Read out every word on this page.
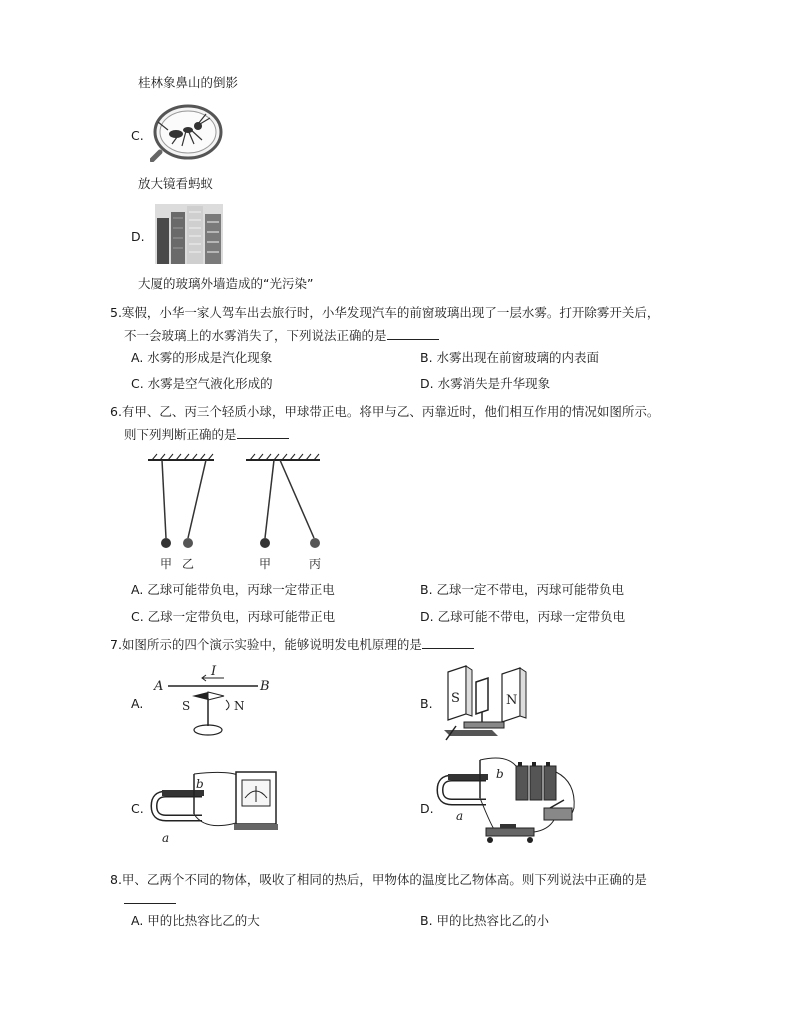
桂林象鼻山的倒影
C.
放大镜看蚂蚁
D.
大厦的玻璃外墙造成的“光污染”
5.寒假，小华一家人驾车出去旅行时，小华发现汽车的前窗玻璃出现了一层水雾。打开除雾开关后，
不一会玻璃上的水雾消失了，下列说法正确的是
A. 水雾的形成是汽化现象	B. 水雾出现在前窗玻璃的内表面
C. 水雾是空气液化形成的	D. 水雾消失是升华现象
6.有甲、乙、丙三个轻质小球，甲球带正电。将甲与乙、丙靠近时，他们相互作用的情况如图所示。
则下列判断正确的是
甲 乙	甲	丙
A. 乙球可能带负电，丙球一定带正电	B. 乙球一定不带电，丙球可能带负电
C. 乙球一定带负电，丙球可能带正电	D. 乙球可能不带电，丙球一定带负电
7.如图所示的四个演示实验中，能够说明发电机原理的是
A.
A	B
I
S	N	B. S	N
C.
b
a
D.
b
a
8.甲、乙两个不同的物体，吸收了相同的热后，甲物体的温度比乙物体高。则下列说法中正确的是
A. 甲的比热容比乙的大	B. 甲的比热容比乙的小
